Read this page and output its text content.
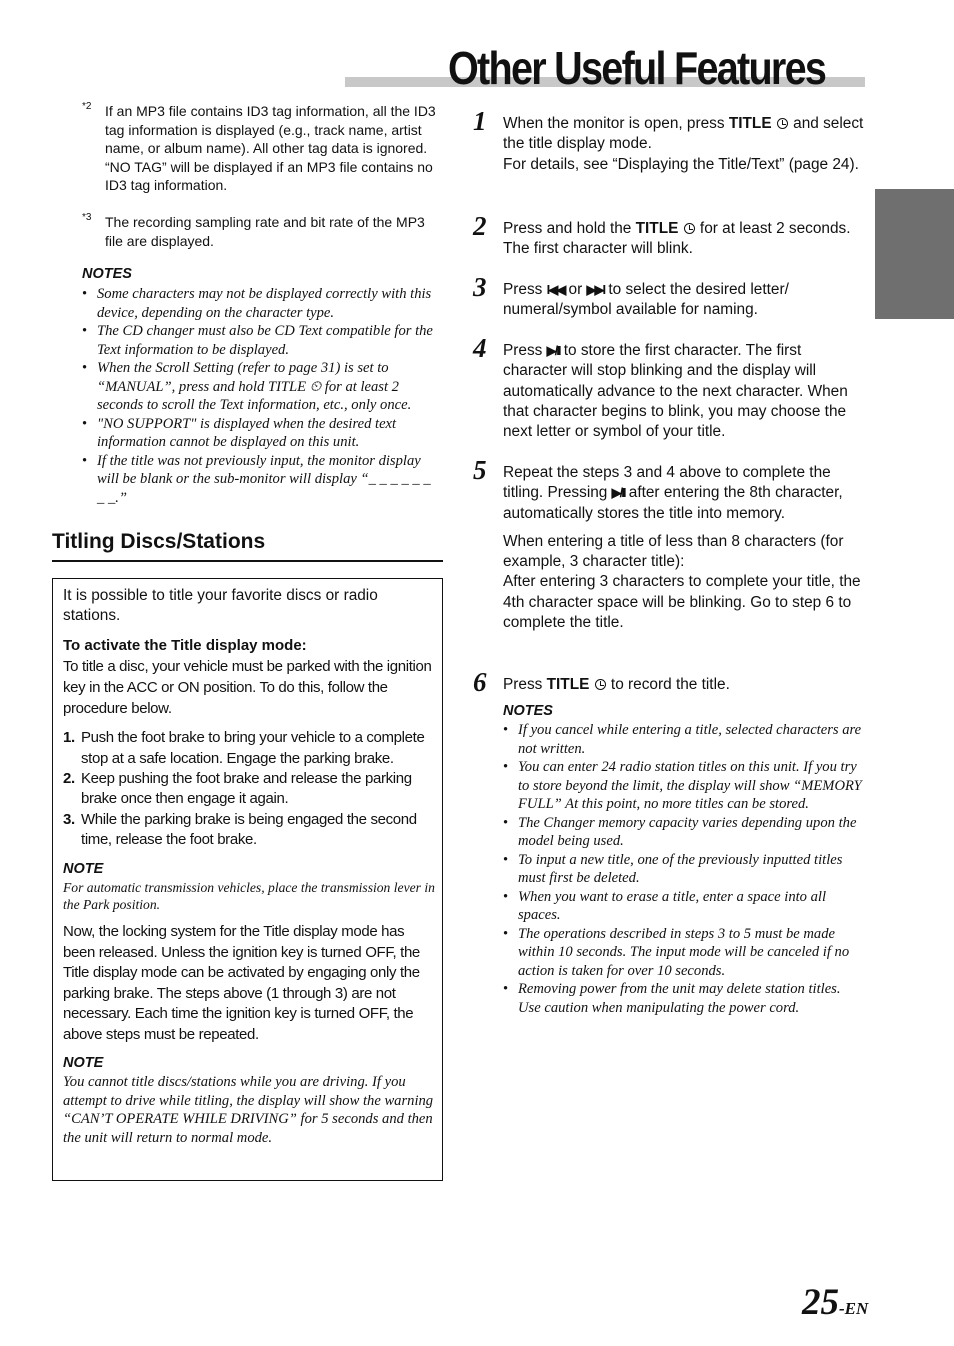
Other Useful Features
*2 If an MP3 file contains ID3 tag information, all the ID3 tag information is displayed (e.g., track name, artist name, or album name). All other tag data is ignored.

“NO TAG” will be displayed if an MP3 file contains no ID3 tag information.

*3 The recording sampling rate and bit rate of the MP3 file are displayed.

NOTES
• Some characters may not be displayed correctly with this device, depending on the character type.
• The CD changer must also be CD Text compatible for the Text information to be displayed.
• When the Scroll Setting (refer to page 31) is set to “MANUAL”, press and hold TITLE ⏲ for at least 2 seconds to scroll the Text information, etc., only once.
• "NO SUPPORT" is displayed when the desired text information cannot be displayed on this unit.
• If the title was not previously input, the monitor display will be blank or the sub-monitor will display “_ _ _ _ _ _ _ _.”
Titling Discs/Stations

It is possible to title your favorite discs or radio stations.

To activate the Title display mode:

To title a disc, your vehicle must be parked with the ignition key in the ACC or ON position. To do this, follow the procedure below.

1. Push the foot brake to bring your vehicle to a complete stop at a safe location. Engage the parking brake.
2. Keep pushing the foot brake and release the parking brake once then engage it again.
3. While the parking brake is being engaged the second time, release the foot brake.

NOTE

For automatic transmission vehicles, place the transmission lever in the Park position.

Now, the locking system for the Title display mode has been released. Unless the ignition key is turned OFF, the Title display mode can be activated by engaging only the parking brake. The steps above (1 through 3) are not necessary. Each time the ignition key is turned OFF, the above steps must be repeated.

NOTE

You cannot title discs/stations while you are driving. If you attempt to drive while titling, the display will show the warning “CAN’T OPERATE WHILE DRIVING” for 5 seconds and then the unit will return to normal mode.

1 When the monitor is open, press TITLE  and select the title display mode.

For details, see “Displaying the Title/Text” (page 24).

2 Press and hold the TITLE  for at least 2 seconds. The first character will blink.

3 Press I◀◀ or ▶▶I to select the desired letter/ numeral/symbol available for naming.

4 Press ▶/II to store the first character. The first character will stop blinking and the display will automatically advance to the next character. When that character begins to blink, you may choose the next letter or symbol of your title.

5 Repeat the steps 3 and 4 above to complete the titling. Pressing ▶/II after entering the 8th character, automatically stores the title into memory.

When entering a title of less than 8 characters (for example, 3 character title):

After entering 3 characters to complete your title, the 4th character space will be blinking. Go to step 6 to complete the title.

6 Press TITLE  to record the title.

NOTES
• If you cancel while entering a title, selected characters are not written.
• You can enter 24 radio station titles on this unit. If you try to store beyond the limit, the display will show “MEMORY FULL” At this point, no more titles can be stored.
• The Changer memory capacity varies depending upon the model being used.
• To input a new title, one of the previously inputted titles must first be deleted.
• When you want to erase a title, enter a space into all spaces.
• The operations described in steps 3 to 5 must be made within 10 seconds. The input mode will be canceled if no action is taken for over 10 seconds.
• Removing power from the unit may delete station titles. Use caution when manipulating the power cord.
25-EN
